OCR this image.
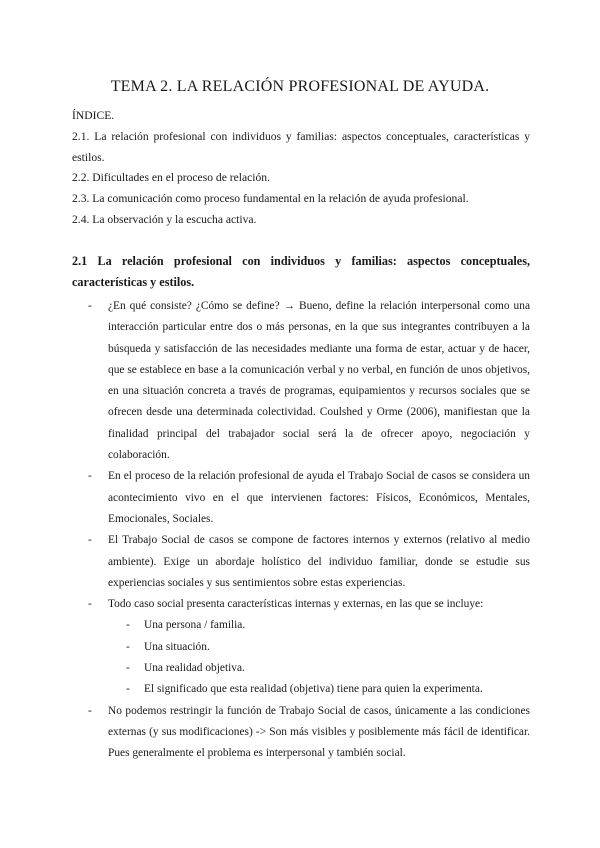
TEMA 2. LA RELACIÓN PROFESIONAL DE AYUDA.

ÍNDICE.

2.1. La relación profesional con individuos y familias: aspectos conceptuales, características y estilos.

2.2. Dificultades en el proceso de relación.

2.3. La comunicación como proceso fundamental en la relación de ayuda profesional.

2.4. La observación y la escucha activa.

2.1 La relación profesional con individuos y familias: aspectos conceptuales, características y estilos.
- ¿En qué consiste? ¿Cómo se define? → Bueno, define la relación interpersonal como una interacción particular entre dos o más personas, en la que sus integrantes contribuyen a la búsqueda y satisfacción de las necesidades mediante una forma de estar, actuar y de hacer, que se establece en base a la comunicación verbal y no verbal, en función de unos objetivos, en una situación concreta a través de programas, equipamientos y recursos sociales que se ofrecen desde una determinada colectividad. Coulshed y Orme (2006), manifiestan que la finalidad principal del trabajador social será la de ofrecer apoyo, negociación y colaboración.
- En el proceso de la relación profesional de ayuda el Trabajo Social de casos se considera un acontecimiento vivo en el que intervienen factores: Físicos, Económicos, Mentales, Emocionales, Sociales.
- El Trabajo Social de casos se compone de factores internos y externos (relativo al medio ambiente). Exige un abordaje holístico del individuo familiar, donde se estudie sus experiencias sociales y sus sentimientos sobre estas experiencias.
- Todo caso social presenta características internas y externas, en las que se incluye:
- Una persona / familia.
- Una situación.
- Una realidad objetiva.
- El significado que esta realidad (objetiva) tiene para quien la experimenta.
- No podemos restringir la función de Trabajo Social de casos, únicamente a las condiciones externas (y sus modificaciones) -> Son más visibles y posiblemente más fácil de identificar. Pues generalmente el problema es interpersonal y también social.
